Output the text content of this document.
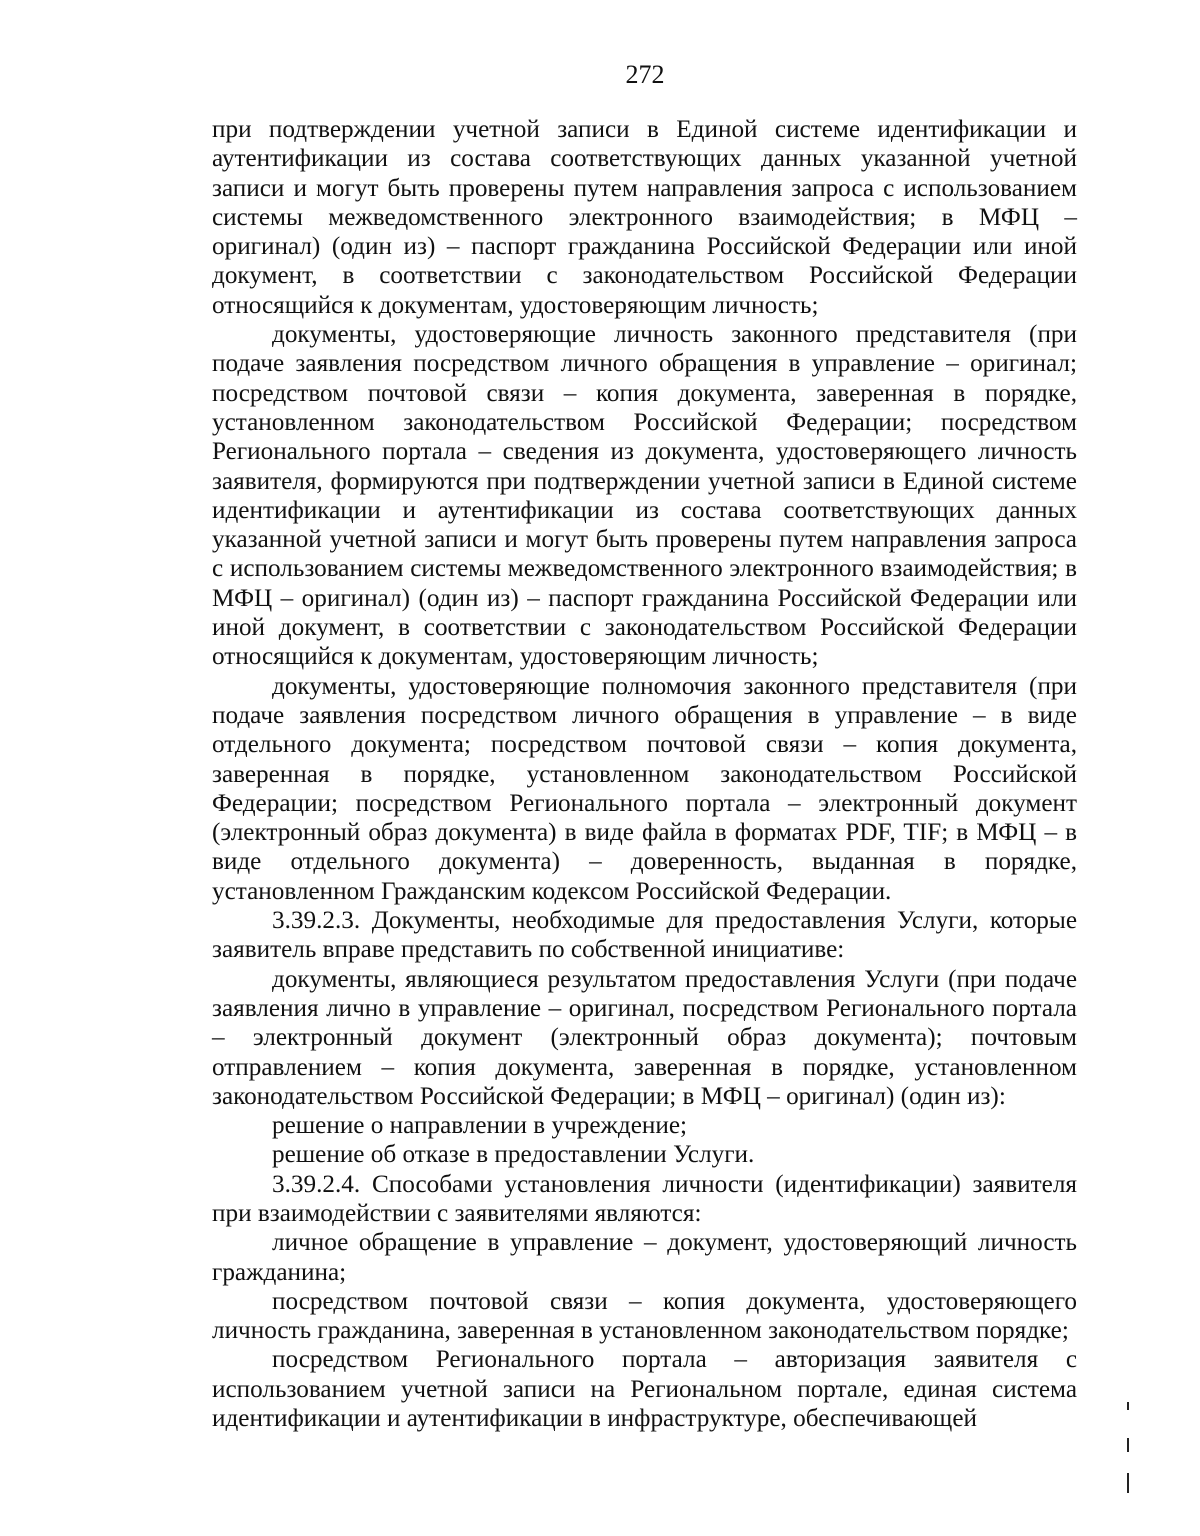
272

при подтверждении учетной записи в Единой системе идентификации и аутентификации из состава соответствующих данных указанной учетной записи и могут быть проверены путем направления запроса с использованием системы межведомственного электронного взаимодействия; в МФЦ – оригинал) (один из) – паспорт гражданина Российской Федерации или иной документ, в соответствии с законодательством Российской Федерации относящийся к документам, удостоверяющим личность;

документы, удостоверяющие личность законного представителя (при подаче заявления посредством личного обращения в управление – оригинал; посредством почтовой связи – копия документа, заверенная в порядке, установленном законодательством Российской Федерации; посредством Регионального портала – сведения из документа, удостоверяющего личность заявителя, формируются при подтверждении учетной записи в Единой системе идентификации и аутентификации из состава соответствующих данных указанной учетной записи и могут быть проверены путем направления запроса с использованием системы межведомственного электронного взаимодействия; в МФЦ – оригинал) (один из) – паспорт гражданина Российской Федерации или иной документ, в соответствии с законодательством Российской Федерации относящийся к документам, удостоверяющим личность;

документы, удостоверяющие полномочия законного представителя (при подаче заявления посредством личного обращения в управление – в виде отдельного документа; посредством почтовой связи – копия документа, заверенная в порядке, установленном законодательством Российской Федерации; посредством Регионального портала – электронный документ (электронный образ документа) в виде файла в форматах PDF, TIF; в МФЦ – в виде отдельного документа) – доверенность, выданная в порядке, установленном Гражданским кодексом Российской Федерации.

3.39.2.3. Документы, необходимые для предоставления Услуги, которые заявитель вправе представить по собственной инициативе:

документы, являющиеся результатом предоставления Услуги (при подаче заявления лично в управление – оригинал, посредством Регионального портала – электронный документ (электронный образ документа); почтовым отправлением – копия документа, заверенная в порядке, установленном законодательством Российской Федерации; в МФЦ – оригинал) (один из):

решение о направлении в учреждение;

решение об отказе в предоставлении Услуги.

3.39.2.4. Способами установления личности (идентификации) заявителя при взаимодействии с заявителями являются:

личное обращение в управление – документ, удостоверяющий личность гражданина;

посредством почтовой связи – копия документа, удостоверяющего личность гражданина, заверенная в установленном законодательством порядке;

посредством Регионального портала – авторизация заявителя с использованием учетной записи на Региональном портале, единая система идентификации и аутентификации в инфраструктуре, обеспечивающей
